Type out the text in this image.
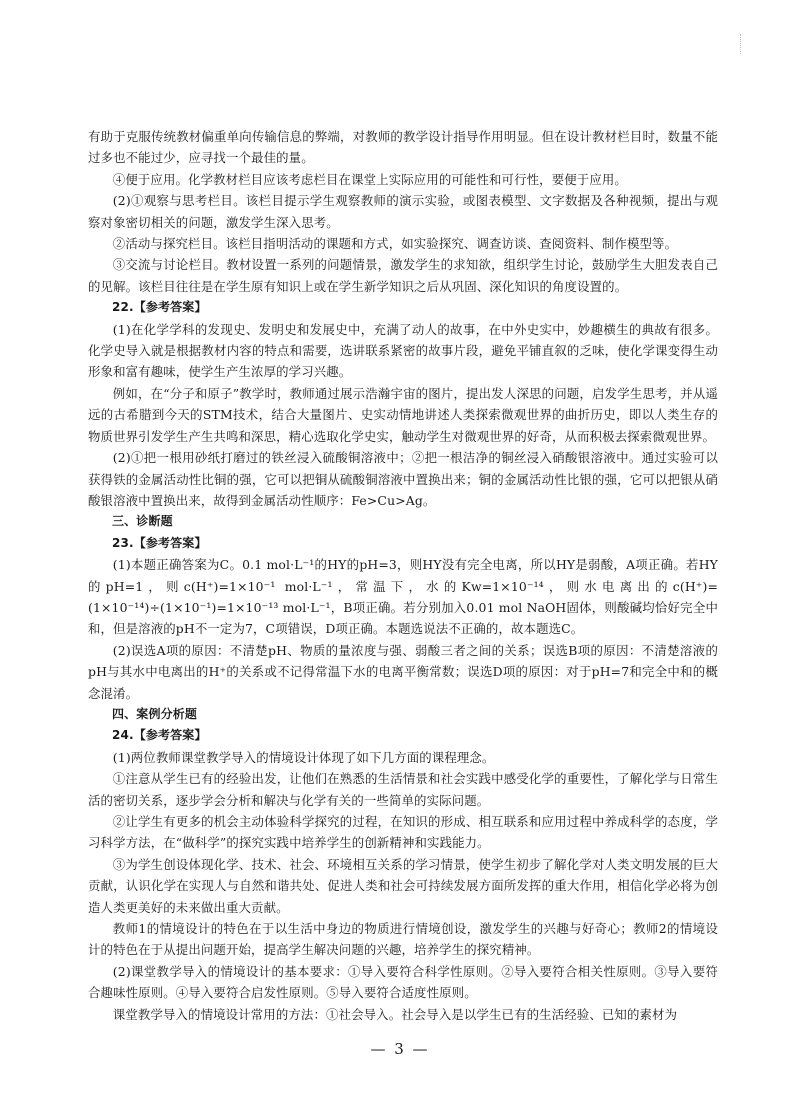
有助于克服传统教材偏重单向传输信息的弊端，对教师的教学设计指导作用明显。但在设计教材栏目时，数量不能过多也不能过少，应寻找一个最佳的量。

④便于应用。化学教材栏目应该考虑栏目在课堂上实际应用的可能性和可行性，要便于应用。

(2)①观察与思考栏目。该栏目提示学生观察教师的演示实验，或图表模型、文字数据及各种视频，提出与观察对象密切相关的问题，激发学生深入思考。

②活动与探究栏目。该栏目指明活动的课题和方式，如实验探究、调查访谈、查阅资料、制作模型等。

③交流与讨论栏目。教材设置一系列的问题情景，激发学生的求知欲，组织学生讨论，鼓励学生大胆发表自己的见解。该栏目往往是在学生原有知识上或在学生新学知识之后从巩固、深化知识的角度设置的。

22.【参考答案】

(1)在化学学科的发现史、发明史和发展史中，充满了动人的故事，在中外史实中，妙趣横生的典故有很多。化学史导入就是根据教材内容的特点和需要，选讲联系紧密的故事片段，避免平铺直叙的乏味，使化学课变得生动形象和富有趣味，使学生产生浓厚的学习兴趣。

例如，在“分子和原子”教学时，教师通过展示浩瀚宇宙的图片，提出发人深思的问题，启发学生思考，并从遥远的古希腊到今天的STM技术，结合大量图片、史实动情地讲述人类探索微观世界的曲折历史，即以人类生存的物质世界引发学生产生共鸣和深思，精心选取化学史实，触动学生对微观世界的好奇，从而积极去探索微观世界。

(2)①把一根用砂纸打磨过的铁丝浸入硫酸铜溶液中；②把一根洁净的铜丝浸入硝酸银溶液中。通过实验可以获得铁的金属活动性比铜的强，它可以把铜从硫酸铜溶液中置换出来；铜的金属活动性比银的强，它可以把银从硝酸银溶液中置换出来，故得到金属活动性顺序：Fe>Cu>Ag。

三、诊断题

23.【参考答案】

(1)本题正确答案为C。0.1 mol·L⁻¹的HY的pH=3，则HY没有完全电离，所以HY是弱酸，A项正确。若HY的pH=1，则c(H⁺)=1×10⁻¹ mol·L⁻¹，常温下，水的Kw=1×10⁻¹⁴，则水电离出的c(H⁺)=(1×10⁻¹⁴)÷(1×10⁻¹)=1×10⁻¹³ mol·L⁻¹，B项正确。若分别加入0.01 mol NaOH固体，则酸碱均恰好完全中和，但是溶液的pH不一定为7，C项错误，D项正确。本题选说法不正确的，故本题选C。

(2)误选A项的原因：不清楚pH、物质的量浓度与强、弱酸三者之间的关系；误选B项的原因：不清楚溶液的pH与其水中电离出的H⁺的关系或不记得常温下水的电离平衡常数；误选D项的原因：对于pH=7和完全中和的概念混淆。

四、案例分析题

24.【参考答案】

(1)两位教师课堂教学导入的情境设计体现了如下几方面的课程理念。

①注意从学生已有的经验出发，让他们在熟悉的生活情景和社会实践中感受化学的重要性，了解化学与日常生活的密切关系，逐步学会分析和解决与化学有关的一些简单的实际问题。

②让学生有更多的机会主动体验科学探究的过程，在知识的形成、相互联系和应用过程中养成科学的态度，学习科学方法，在“做科学”的探究实践中培养学生的创新精神和实践能力。

③为学生创设体现化学、技术、社会、环境相互关系的学习情景，使学生初步了解化学对人类文明发展的巨大贡献，认识化学在实现人与自然和谐共处、促进人类和社会可持续发展方面所发挥的重大作用，相信化学必将为创造人类更美好的未来做出重大贡献。

教师1的情境设计的特色在于以生活中身边的物质进行情境创设，激发学生的兴趣与好奇心；教师2的情境设计的特色在于从提出问题开始，提高学生解决问题的兴趣，培养学生的探究精神。

(2)课堂教学导入的情境设计的基本要求：①导入要符合科学性原则。②导入要符合相关性原则。③导入要符合趣味性原则。④导入要符合启发性原则。⑤导入要符合适度性原则。

课堂教学导入的情境设计常用的方法：①社会导入。社会导入是以学生已有的生活经验、已知的素材为

— 3 —
